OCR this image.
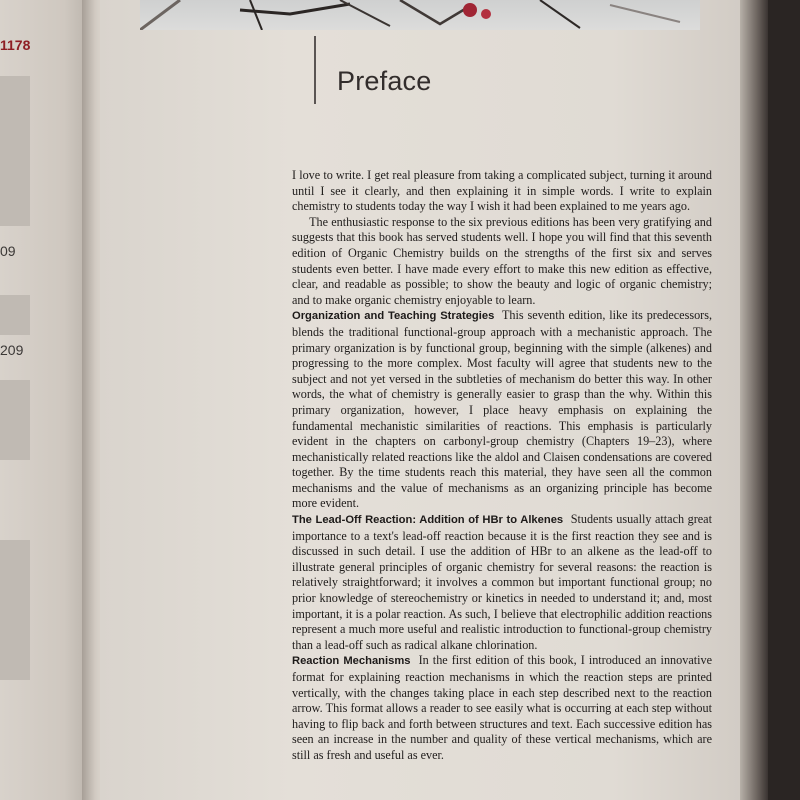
1178
09
209
Preface

I love to write. I get real pleasure from taking a complicated subject, turning it around until I see it clearly, and then explaining it in simple words. I write to explain chemistry to students today the way I wish it had been explained to me years ago.

The enthusiastic response to the six previous editions has been very gratifying and suggests that this book has served students well. I hope you will find that this seventh edition of Organic Chemistry builds on the strengths of the first six and serves students even better. I have made every effort to make this new edition as effective, clear, and readable as possible; to show the beauty and logic of organic chemistry; and to make organic chemistry enjoyable to learn.

Organization and Teaching Strategies This seventh edition, like its predecessors, blends the traditional functional-group approach with a mechanistic approach. The primary organization is by functional group, beginning with the simple (alkenes) and progressing to the more complex. Most faculty will agree that students new to the subject and not yet versed in the subtleties of mechanism do better this way. In other words, the what of chemistry is generally easier to grasp than the why. Within this primary organization, however, I place heavy emphasis on explaining the fundamental mechanistic similarities of reactions. This emphasis is particularly evident in the chapters on carbonyl-group chemistry (Chapters 19–23), where mechanistically related reactions like the aldol and Claisen condensations are covered together. By the time students reach this material, they have seen all the common mechanisms and the value of mechanisms as an organizing principle has become more evident.

The Lead-Off Reaction: Addition of HBr to Alkenes Students usually attach great importance to a text's lead-off reaction because it is the first reaction they see and is discussed in such detail. I use the addition of HBr to an alkene as the lead-off to illustrate general principles of organic chemistry for several reasons: the reaction is relatively straightforward; it involves a common but important functional group; no prior knowledge of stereochemistry or kinetics in needed to understand it; and, most important, it is a polar reaction. As such, I believe that electrophilic addition reactions represent a much more useful and realistic introduction to functional-group chemistry than a lead-off such as radical alkane chlorination.

Reaction Mechanisms In the first edition of this book, I introduced an innovative format for explaining reaction mechanisms in which the reaction steps are printed vertically, with the changes taking place in each step described next to the reaction arrow. This format allows a reader to see easily what is occurring at each step without having to flip back and forth between structures and text. Each successive edition has seen an increase in the number and quality of these vertical mechanisms, which are still as fresh and useful as ever.
